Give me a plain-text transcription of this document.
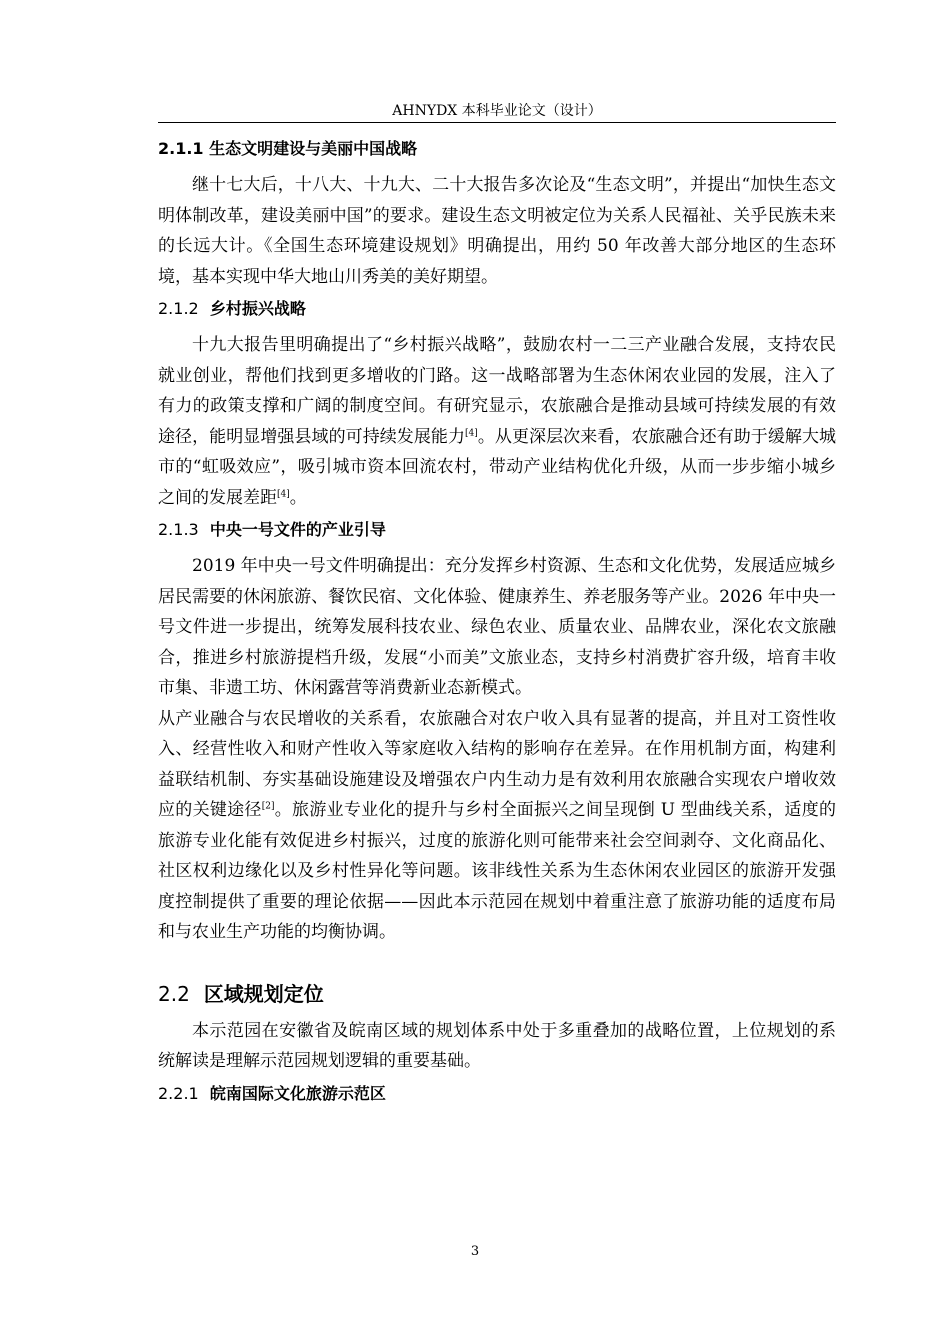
AHNYDX 本科毕业论文（设计）

2.1.1 生态文明建设与美丽中国战略

继十七大后，十八大、十九大、二十大报告多次论及“生态文明”，并提出“加快生态文明体制改革，建设美丽中国”的要求。建设生态文明被定位为关系人民福祉、关乎民族未来的长远大计。《全国生态环境建设规划》明确提出，用约 50 年改善大部分地区的生态环境，基本实现中华大地山川秀美的美好期望。

2.1.2 乡村振兴战略

十九大报告里明确提出了“乡村振兴战略”，鼓励农村一二三产业融合发展，支持农民就业创业，帮他们找到更多增收的门路。这一战略部署为生态休闲农业园的发展，注入了有力的政策支撑和广阔的制度空间。有研究显示，农旅融合是推动县域可持续发展的有效途径，能明显增强县域的可持续发展能力[4]。从更深层次来看，农旅融合还有助于缓解大城市的“虹吸效应”，吸引城市资本回流农村，带动产业结构优化升级，从而一步步缩小城乡之间的发展差距[4]。

2.1.3 中央一号文件的产业引导

2019 年中央一号文件明确提出：充分发挥乡村资源、生态和文化优势，发展适应城乡居民需要的休闲旅游、餐饮民宿、文化体验、健康养生、养老服务等产业。2026 年中央一号文件进一步提出，统筹发展科技农业、绿色农业、质量农业、品牌农业，深化农文旅融合，推进乡村旅游提档升级，发展“小而美”文旅业态，支持乡村消费扩容升级，培育丰收市集、非遗工坊、休闲露营等消费新业态新模式。

从产业融合与农民增收的关系看，农旅融合对农户收入具有显著的提高，并且对工资性收入、经营性收入和财产性收入等家庭收入结构的影响存在差异。在作用机制方面，构建利益联结机制、夯实基础设施建设及增强农户内生动力是有效利用农旅融合实现农户增收效应的关键途径[2]。旅游业专业化的提升与乡村全面振兴之间呈现倒 U 型曲线关系，适度的旅游专业化能有效促进乡村振兴，过度的旅游化则可能带来社会空间剥夺、文化商品化、社区权利边缘化以及乡村性异化等问题。该非线性关系为生态休闲农业园区的旅游开发强度控制提供了重要的理论依据——因此本示范园在规划中着重注意了旅游功能的适度布局和与农业生产功能的均衡协调。

2.2 区域规划定位

本示范园在安徽省及皖南区域的规划体系中处于多重叠加的战略位置，上位规划的系统解读是理解示范园规划逻辑的重要基础。

2.2.1 皖南国际文化旅游示范区

3
